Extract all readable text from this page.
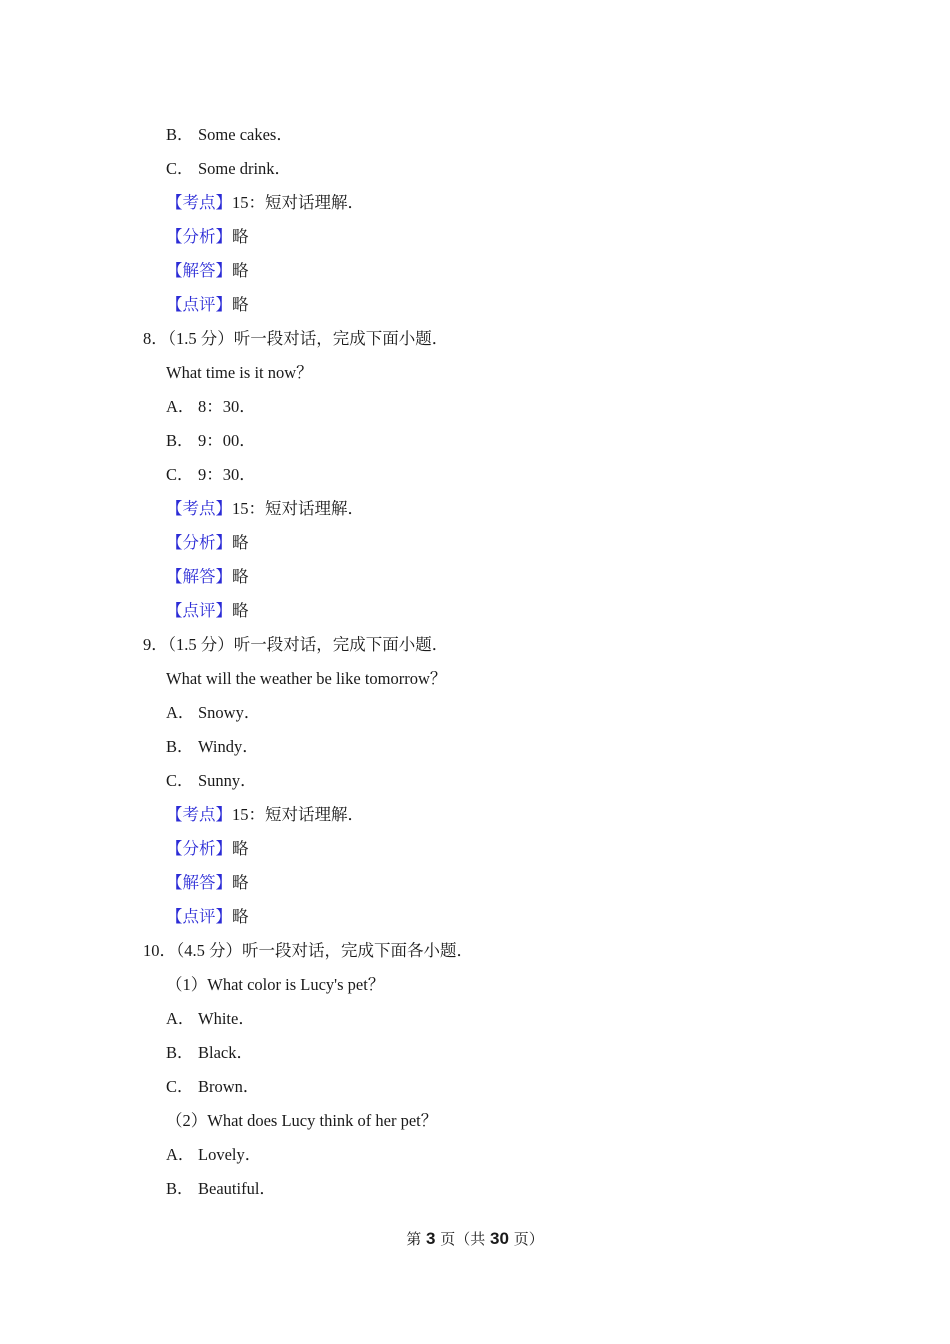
B． Some cakes．
C． Some drink．
【考点】15：短对话理解．
【分析】略
【解答】略
【点评】略
8．（1.5 分）听一段对话，完成下面小题．
What time is it now？
A． 8：30．
B． 9：00．
C． 9：30．
【考点】15：短对话理解．
【分析】略
【解答】略
【点评】略
9．（1.5 分）听一段对话，完成下面小题．
What will the weather be like tomorrow？
A． Snowy．
B． Windy．
C． Sunny．
【考点】15：短对话理解．
【分析】略
【解答】略
【点评】略
10．（4.5 分）听一段对话，完成下面各小题．
（1）What color is Lucy's pet？
A． White．
B． Black．
C． Brown．
（2）What does Lucy think of her pet？
A． Lovely．
B． Beautiful．
第 3 页（共 30 页）
